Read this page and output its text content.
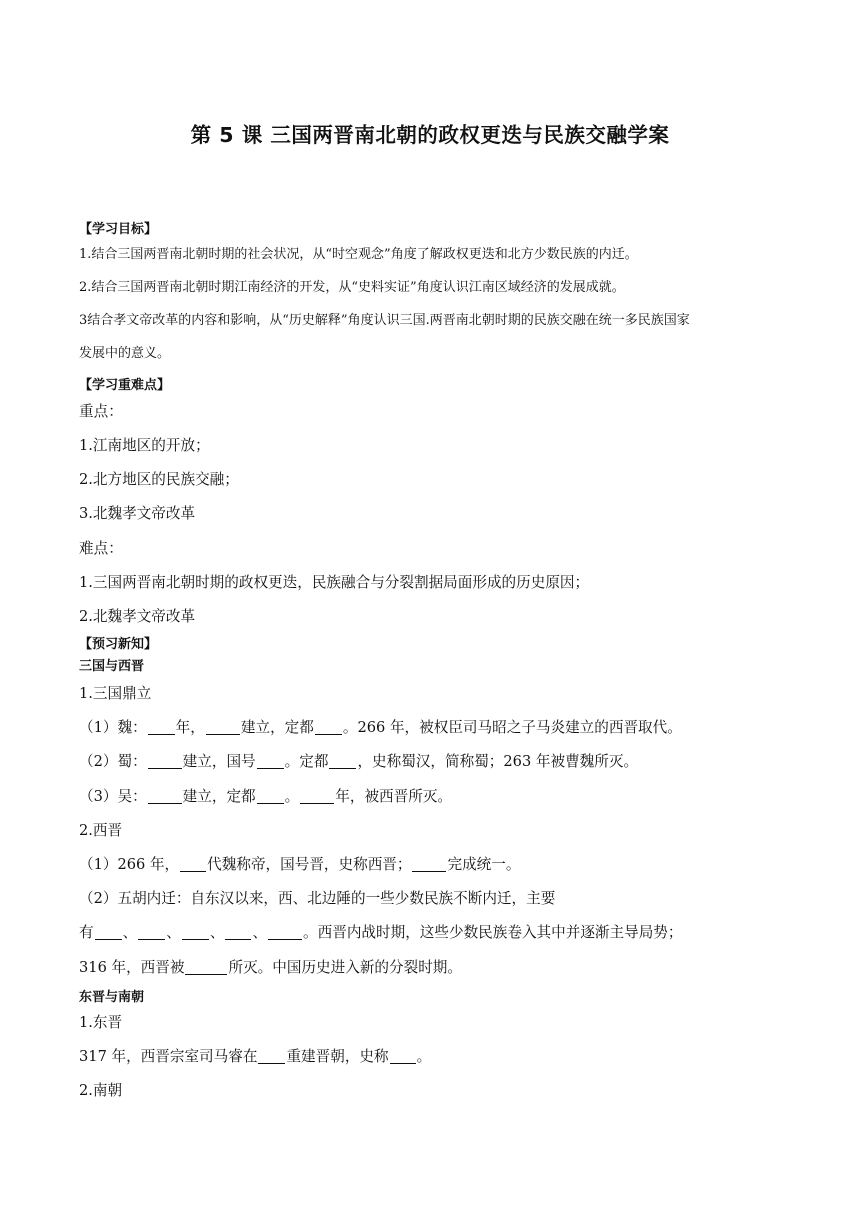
第 5 课 三国两晋南北朝的政权更迭与民族交融学案
【学习目标】
1.结合三国两晋南北朝时期的社会状况，从“时空观念”角度了解政权更迭和北方少数民族的内迁。
2.结合三国两晋南北朝时期江南经济的开发，从“史料实证”角度认识江南区域经济的发展成就。
3结合孝文帝改革的内容和影响，从“历史解释”角度认识三国.两晋南北朝时期的民族交融在统一多民族国家
发展中的意义。
【学习重难点】
重点：
1.江南地区的开放；
2.北方地区的民族交融；
3.北魏孝文帝改革
难点：
1.三国两晋南北朝时期的政权更迭，民族融合与分裂割据局面形成的历史原因；
2.北魏孝文帝改革
【预习新知】
三国与西晋
1.三国鼎立
（1）魏： 年， 建立，定都 。266 年，被权臣司马昭之子马炎建立的西晋取代。
（2）蜀： 建立，国号 。定都 ，史称蜀汉，简称蜀；263 年被曹魏所灭。
（3）吴： 建立，定都 。 年，被西晋所灭。
2.西晋
（1）266 年， 代魏称帝，国号晋，史称西晋； 完成统一。
（2）五胡内迁：自东汉以来，西、北边陲的一些少数民族不断内迁，主要
有 、 、 、 、 。西晋内战时期，这些少数民族卷入其中并逐渐主导局势；
316 年，西晋被	所灭。中国历史进入新的分裂时期。
东晋与南朝
1.东晋
317 年，西晋宗室司马睿在 重建晋朝，史称 。
2.南朝
